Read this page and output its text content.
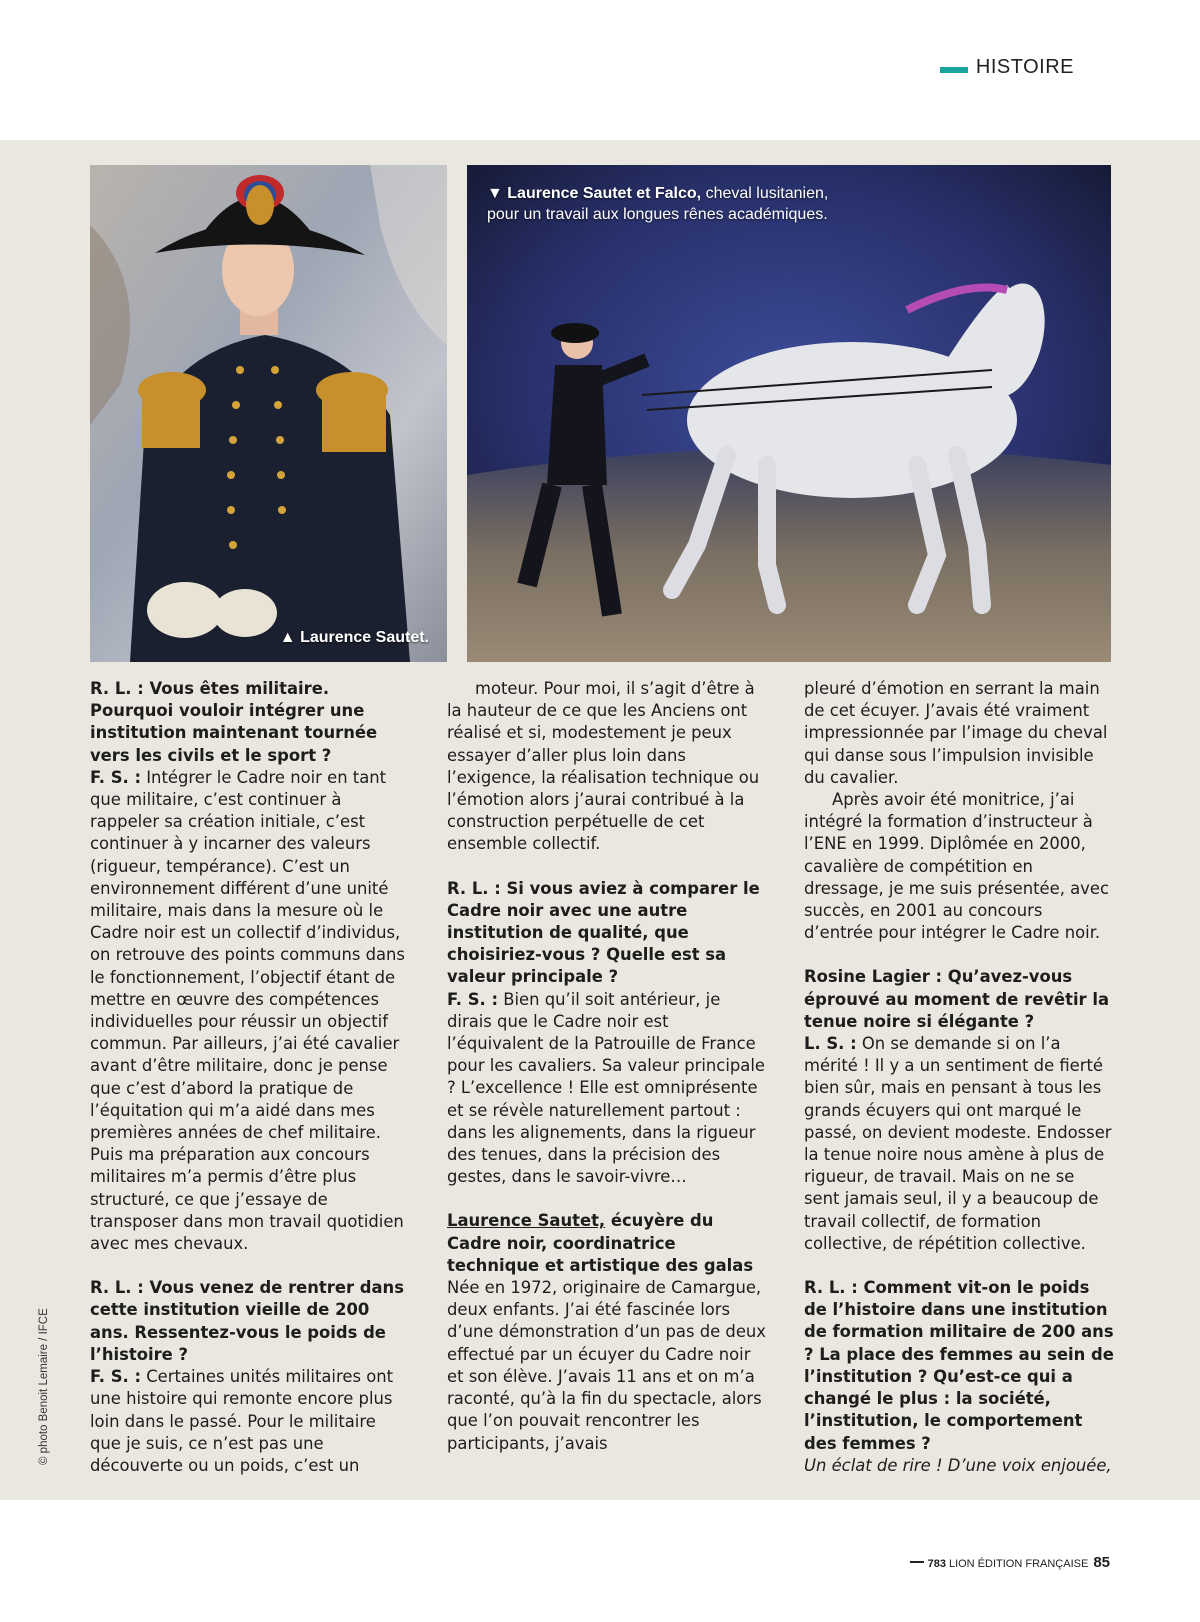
HISTOIRE
▲ Laurence Sautet.
▼ Laurence Sautet et Falco, cheval lusitanien,
pour un travail aux longues rênes académiques.

R. L. : Vous êtes militaire. Pourquoi vouloir intégrer une institution maintenant tournée vers les civils et le sport ?

F. S. : Intégrer le Cadre noir en tant que militaire, c’est continuer à rappeler sa création initiale, c’est continuer à y incarner des valeurs (rigueur, tempérance). C’est un environnement différent d’une unité militaire, mais dans la mesure où le Cadre noir est un collectif d’individus, on retrouve des points communs dans le fonctionnement, l’objectif étant de mettre en œuvre des compétences individuelles pour réussir un objectif commun. Par ailleurs, j’ai été cavalier avant d’être militaire, donc je pense que c’est d’abord la pratique de l’équitation qui m’a aidé dans mes premières années de chef militaire. Puis ma préparation aux concours militaires m’a permis d’être plus structuré, ce que j’essaye de transposer dans mon travail quotidien avec mes chevaux.

R. L. : Vous venez de rentrer dans cette institution vieille de 200 ans. Ressentez-vous le poids de l’histoire ?

F. S. : Certaines unités militaires ont une histoire qui remonte encore plus loin dans le passé. Pour le militaire que je suis, ce n’est pas une découverte ou un poids, c’est un

moteur. Pour moi, il s’agit d’être à la hauteur de ce que les Anciens ont réalisé et si, modestement je peux essayer d’aller plus loin dans l’exigence, la réalisation technique ou l’émotion alors j’aurai contribué à la construction perpétuelle de cet ensemble collectif.

R. L. : Si vous aviez à comparer le Cadre noir avec une autre institution de qualité, que choisiriez-vous ? Quelle est sa valeur principale ?

F. S. : Bien qu’il soit antérieur, je dirais que le Cadre noir est l’équivalent de la Patrouille de France pour les cavaliers. Sa valeur principale ? L’excellence ! Elle est omniprésente et se révèle naturellement partout : dans les alignements, dans la rigueur des tenues, dans la précision des gestes, dans le savoir-vivre…

Laurence Sautet, écuyère du Cadre noir, coordinatrice technique et artistique des galas

Née en 1972, originaire de Camargue, deux enfants. J’ai été fascinée lors d’une démonstration d’un pas de deux effectué par un écuyer du Cadre noir et son élève. J’avais 11 ans et on m’a raconté, qu’à la fin du spectacle, alors que l’on pouvait rencontrer les participants, j’avais

pleuré d’émotion en serrant la main de cet écuyer. J’avais été vraiment impressionnée par l’image du cheval qui danse sous l’impulsion invisible du cavalier.

Après avoir été monitrice, j’ai intégré la formation d’instructeur à l’ENE en 1999. Diplômée en 2000, cavalière de compétition en dressage, je me suis présentée, avec succès, en 2001 au concours d’entrée pour intégrer le Cadre noir.

Rosine Lagier : Qu’avez-vous éprouvé au moment de revêtir la tenue noire si élégante ?

L. S. : On se demande si on l’a mérité ! Il y a un sentiment de fierté bien sûr, mais en pensant à tous les grands écuyers qui ont marqué le passé, on devient modeste. Endosser la tenue noire nous amène à plus de rigueur, de travail. Mais on ne se sent jamais seul, il y a beaucoup de travail collectif, de formation collective, de répétition collective.

R. L. : Comment vit-on le poids de l’histoire dans une institution de formation militaire de 200 ans ? La place des femmes au sein de l’institution ? Qu’est-ce qui a changé le plus : la société, l’institution, le comportement des femmes ?

Un éclat de rire ! D’une voix enjouée,

© photo Benoit Lemaire / IFCE
783 LION ÉDITION FRANÇAISE 85
